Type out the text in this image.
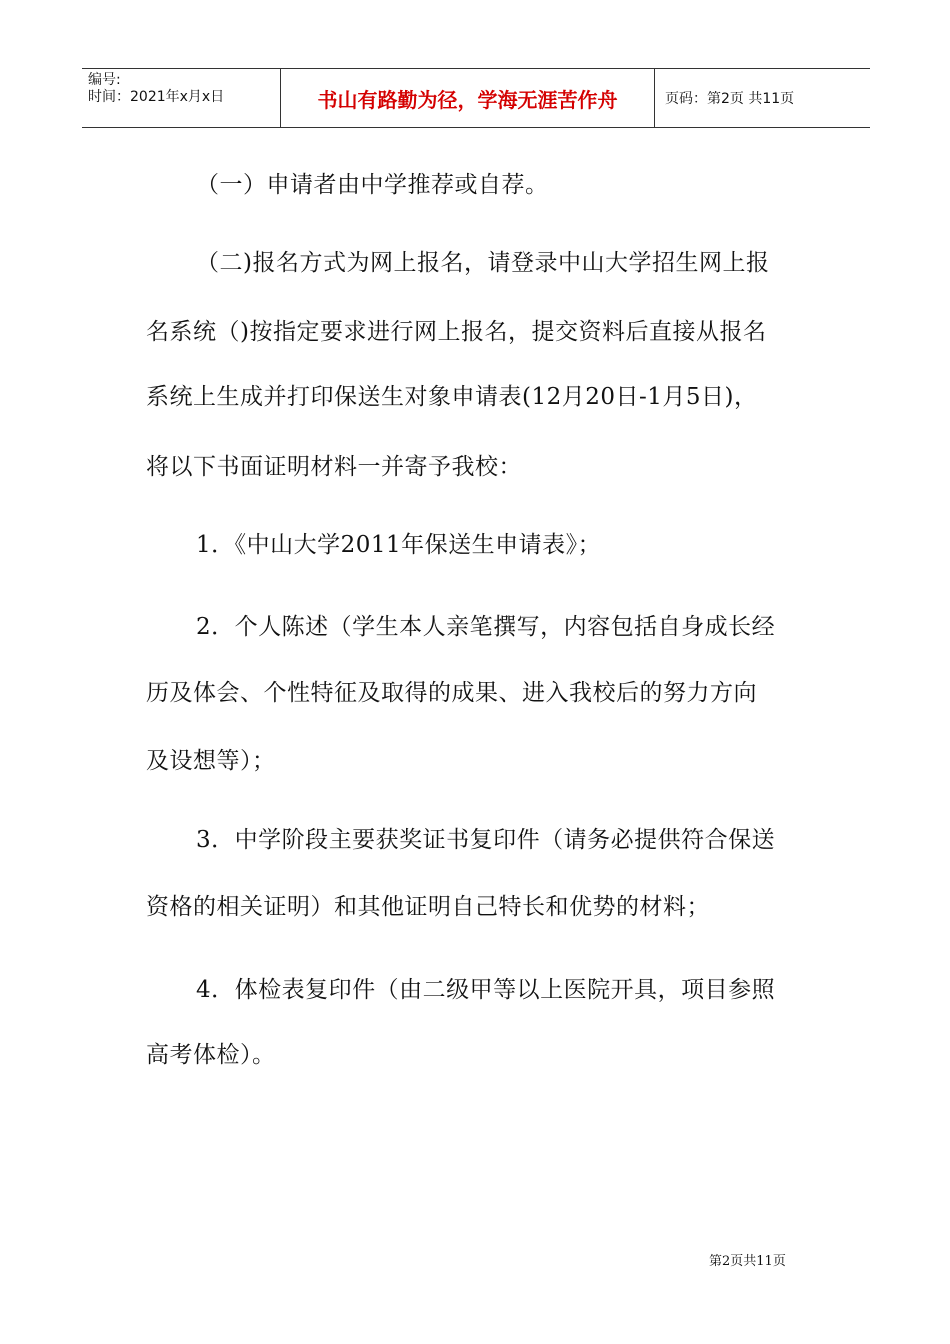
编号:
时间：2021年x月x日	书山有路勤为径，学海无涯苦作舟	页码：第2页 共11页

（一）申请者由中学推荐或自荐。

（二)报名方式为网上报名，请登录中山大学招生网上报

名系统（)按指定要求进行网上报名，提交资料后直接从报名

系统上生成并打印保送生对象申请表(12月20日-1月5日)，

将以下书面证明材料一并寄予我校：

1．《中山大学2011年保送生申请表》；

2．个人陈述（学生本人亲笔撰写，内容包括自身成长经

历及体会、个性特征及取得的成果、进入我校后的努力方向

及设想等）；

3．中学阶段主要获奖证书复印件（请务必提供符合保送

资格的相关证明）和其他证明自己特长和优势的材料；

4．体检表复印件（由二级甲等以上医院开具，项目参照

高考体检）。

第2页共11页
